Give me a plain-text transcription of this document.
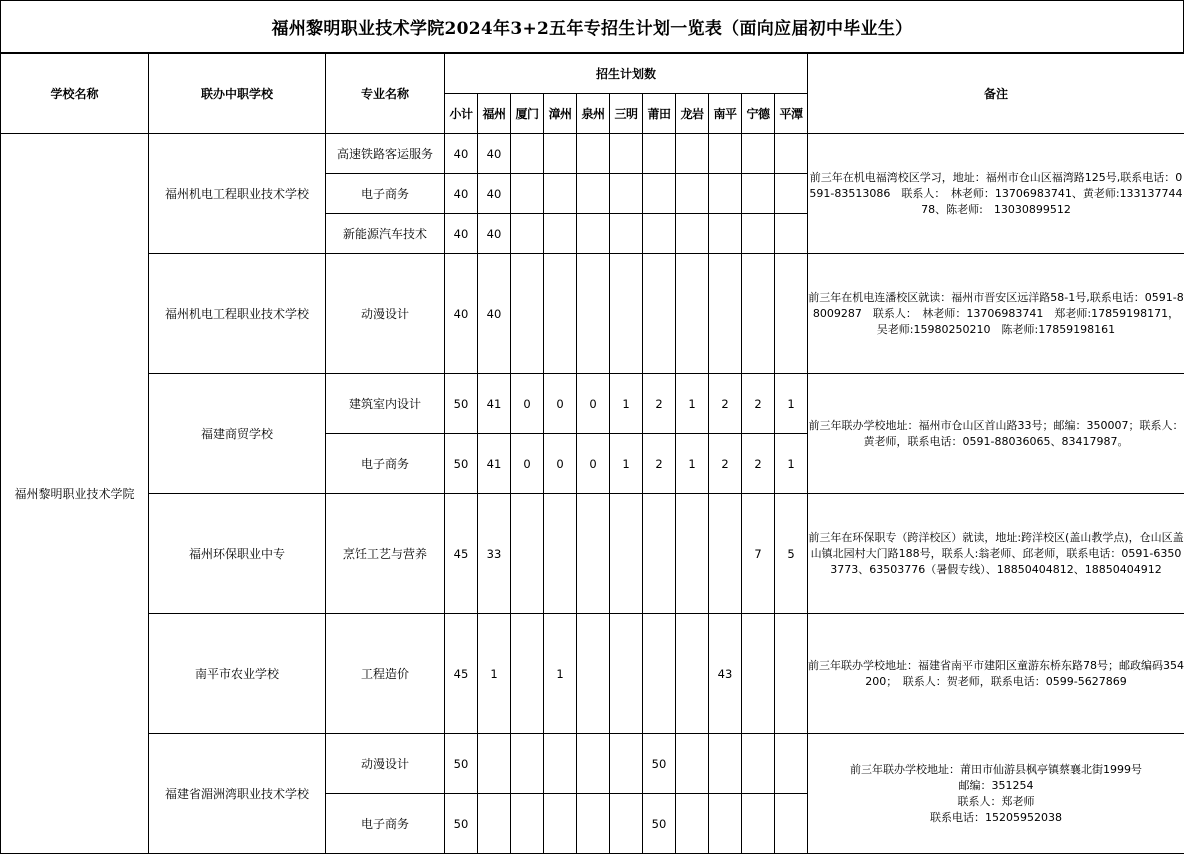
福州黎明职业技术学院2024年3+2五年专招生计划一览表（面向应届初中毕业生）
学校名称	联办中职学校	专业名称	招生计划数											备注
			小计	福州	厦门	漳州	泉州	三明	莆田	龙岩	南平	宁德	平潭	
福州黎明职业技术学院	福州机电工程职业技术学校	高速铁路客运服务	40	40										前三年在机电福湾校区学习，地址：福州市仓山区福湾路125号,联系电话：0591-83513086　联系人：　林老师：13706983741、黄老师:13313774478、陈老师:　13030899512
		电子商务	40	40										
		新能源汽车技术	40	40										
	福州机电工程职业技术学校	动漫设计	40	40										前三年在机电连潘校区就读：福州市晋安区远洋路58-1号,联系电话：0591-88009287　联系人：　林老师：13706983741　郑老师:17859198171，吴老师:15980250210　陈老师:17859198161
	福建商贸学校	建筑室内设计	50	41	0	0	0	1	2	1	2	2	1	前三年联办学校地址：福州市仓山区首山路33号；邮编：350007；联系人：黄老师，联系电话：0591-88036065、83417987。
		电子商务	50	41	0	0	0	1	2	1	2	2	1	
	福州环保职业中专	烹饪工艺与营养	45	33								7	5	前三年在环保职专（跨洋校区）就读，地址:跨洋校区(盖山教学点)，仓山区盖山镇北园村大门路188号，联系人:翁老师、邱老师，联系电话：0591-63503773、63503776（暑假专线）、18850404812、18850404912
	南平市农业学校	工程造价	45	1		1					43			前三年联办学校地址：福建省南平市建阳区童游东桥东路78号；邮政编码354200；　联系人：贺老师，联系电话：0599-5627869
	福建省湄洲湾职业技术学校	动漫设计	50						50					前三年联办学校地址：莆田市仙游县枫亭镇蔡襄北街1999号
邮编：351254
联系人：郑老师
联系电话：15205952038
		电子商务	50						50					
